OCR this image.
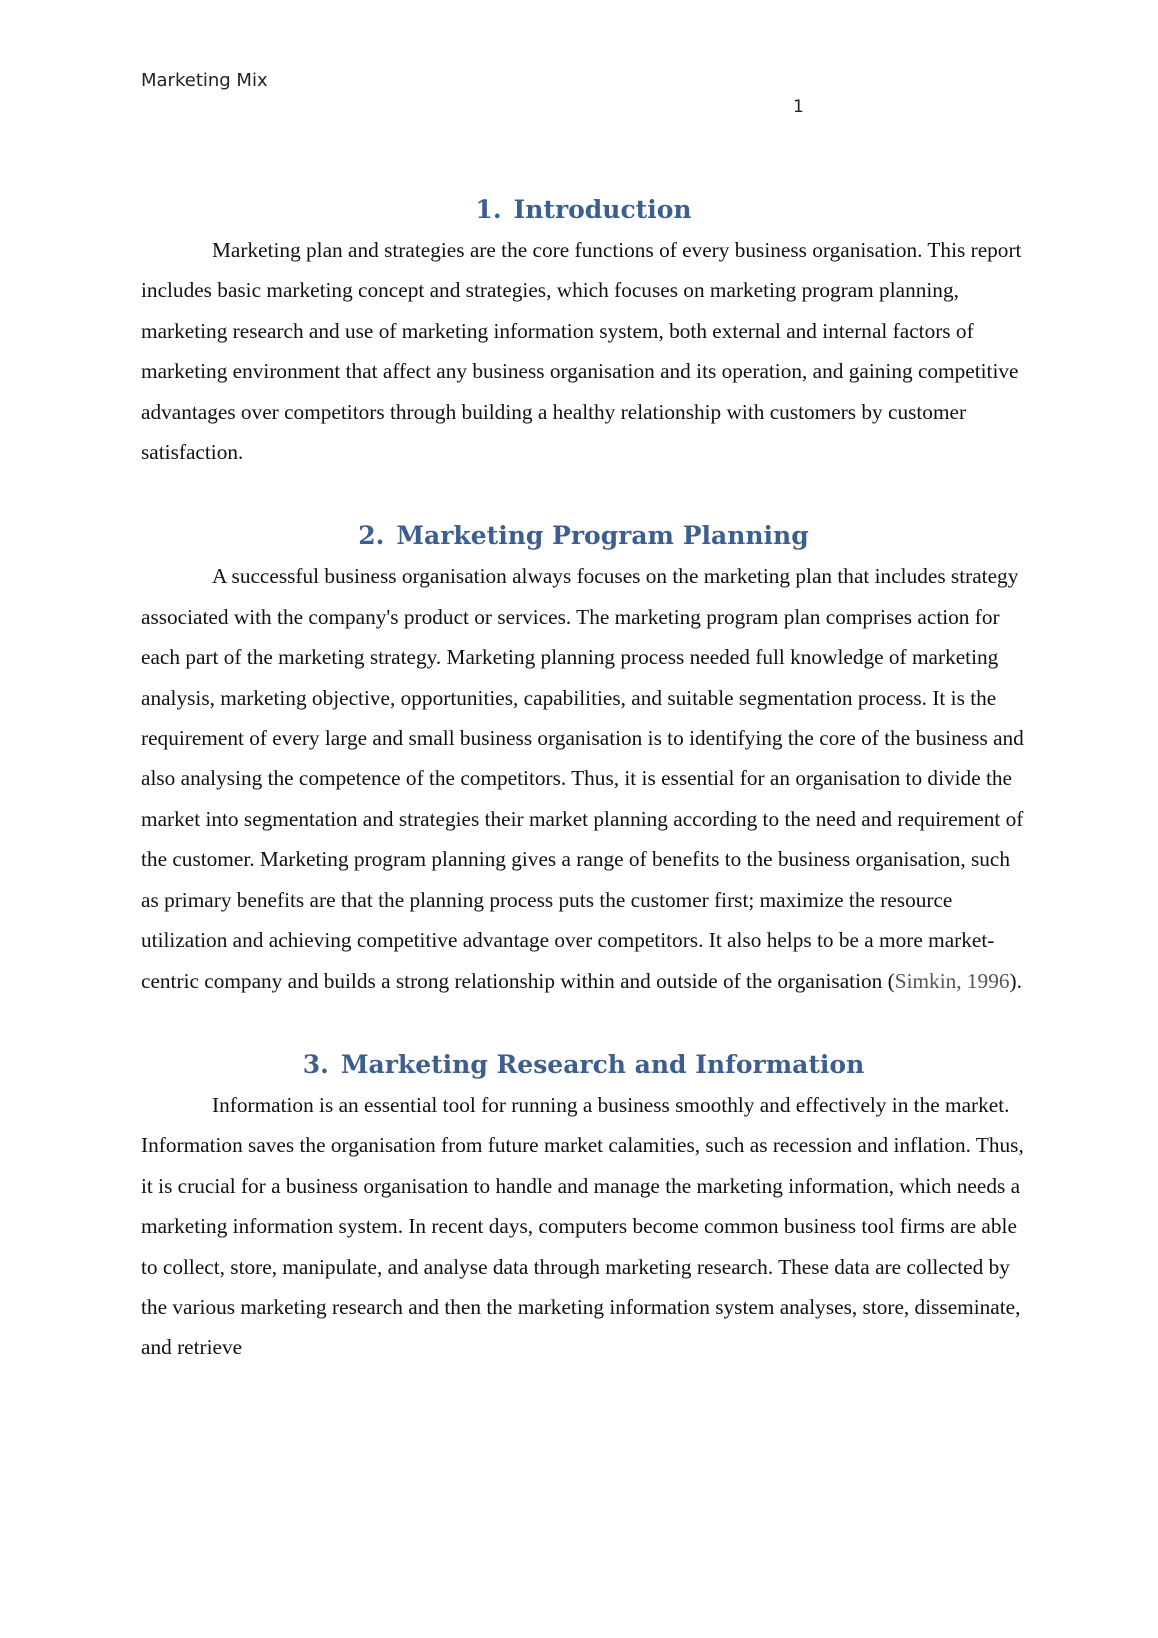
Marketing Mix

1

1. Introduction

Marketing plan and strategies are the core functions of every business organisation. This report includes basic marketing concept and strategies, which focuses on marketing program planning, marketing research and use of marketing information system, both external and internal factors of marketing environment that affect any business organisation and its operation, and gaining competitive advantages over competitors through building a healthy relationship with customers by customer satisfaction.

2. Marketing Program Planning

A successful business organisation always focuses on the marketing plan that includes strategy associated with the company's product or services. The marketing program plan comprises action for each part of the marketing strategy. Marketing planning process needed full knowledge of marketing analysis, marketing objective, opportunities, capabilities, and suitable segmentation process. It is the requirement of every large and small business organisation is to identifying the core of the business and also analysing the competence of the competitors. Thus, it is essential for an organisation to divide the market into segmentation and strategies their market planning according to the need and requirement of the customer. Marketing program planning gives a range of benefits to the business organisation, such as primary benefits are that the planning process puts the customer first; maximize the resource utilization and achieving competitive advantage over competitors. It also helps to be a more market-centric company and builds a strong relationship within and outside of the organisation (Simkin, 1996).

3. Marketing Research and Information

Information is an essential tool for running a business smoothly and effectively in the market. Information saves the organisation from future market calamities, such as recession and inflation. Thus, it is crucial for a business organisation to handle and manage the marketing information, which needs a marketing information system. In recent days, computers become common business tool firms are able to collect, store, manipulate, and analyse data through marketing research. These data are collected by the various marketing research and then the marketing information system analyses, store, disseminate, and retrieve
